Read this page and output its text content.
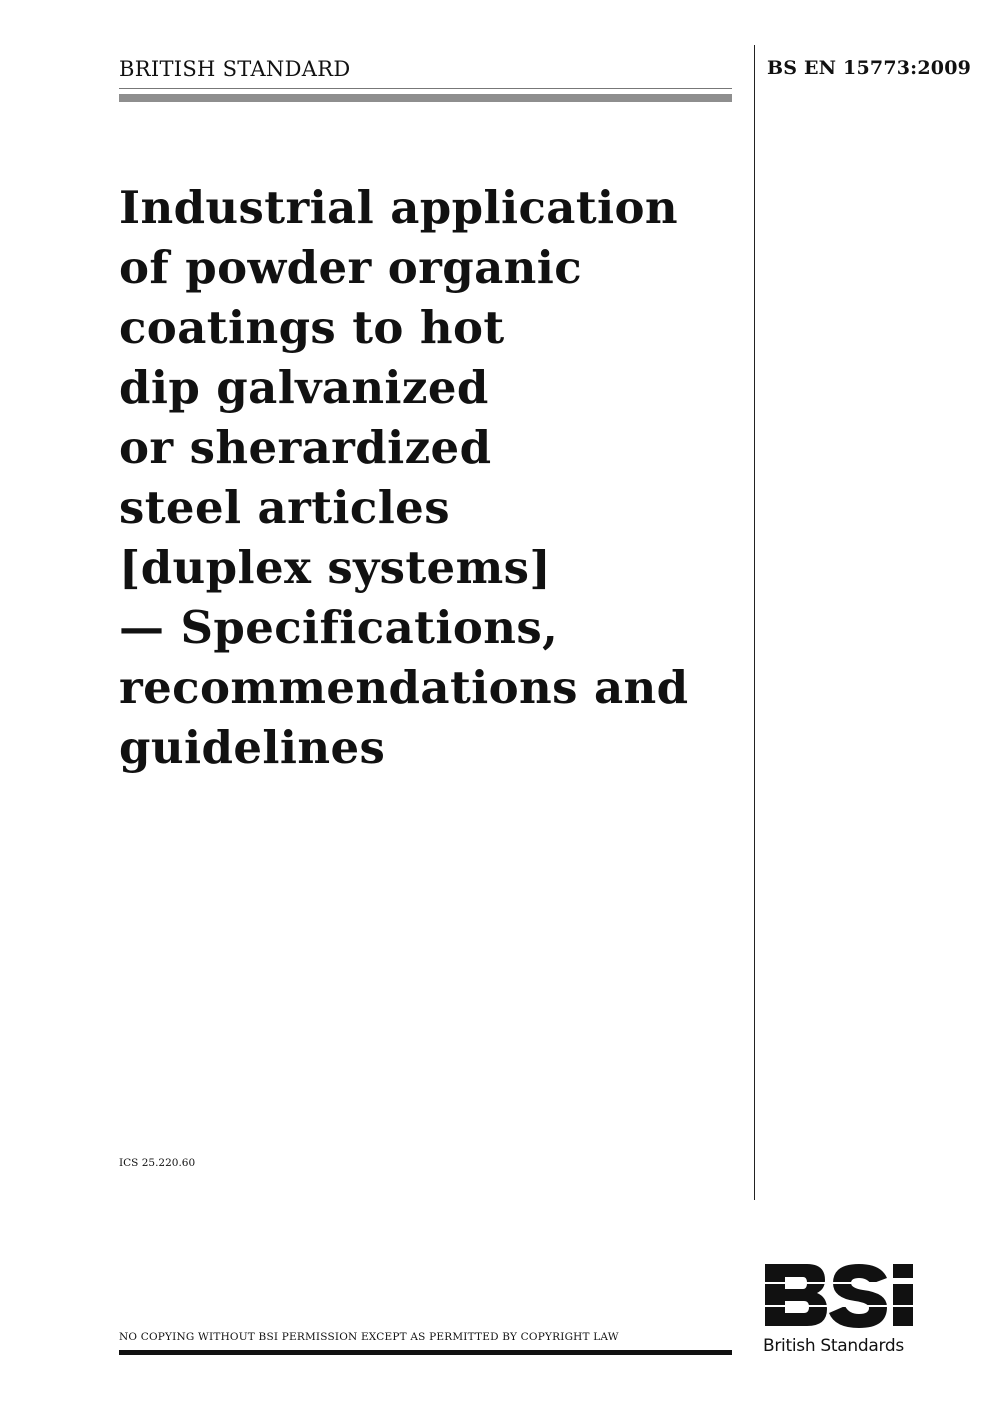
BRITISH STANDARD	BS EN 15773:2009
Industrial application
of powder organic
coatings to hot
dip galvanized
or sherardized
steel articles
[duplex systems]
— Specifications,
recommendations and
guidelines
ICS 25.220.60
NO COPYING WITHOUT BSI PERMISSION EXCEPT AS PERMITTED BY COPYRIGHT LAW	British Standards
